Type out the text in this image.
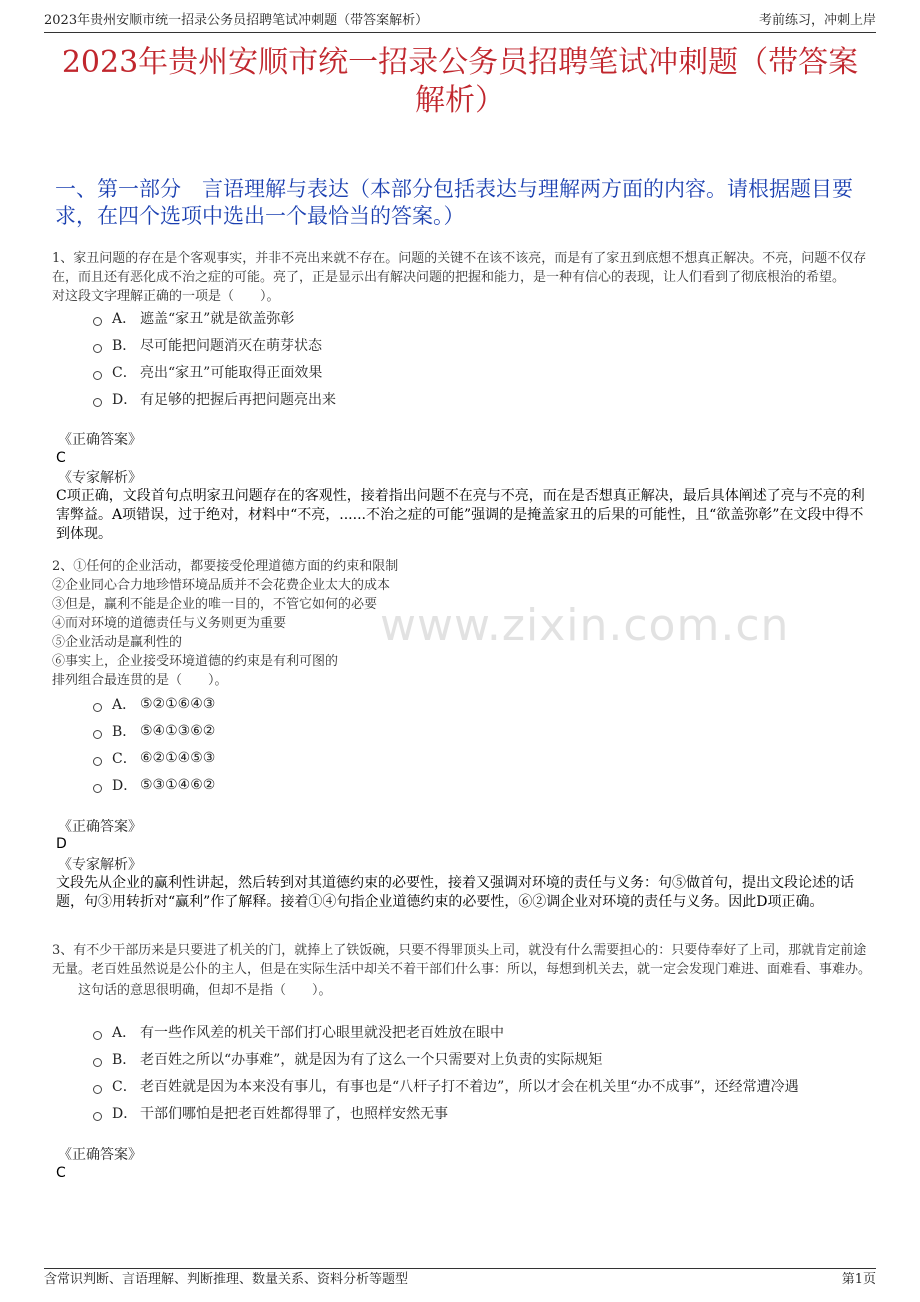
2023年贵州安顺市统一招录公务员招聘笔试冲刺题（带答案解析）	考前练习，冲刺上岸
2023年贵州安顺市统一招录公务员招聘笔试冲刺题（带答案解析）
一、第一部分　言语理解与表达（本部分包括表达与理解两方面的内容。请根据题目要求，在四个选项中选出一个最恰当的答案。）
www.zixin.com.cn

1、家丑问题的存在是个客观事实，并非不亮出来就不存在。问题的关键不在该不该亮，而是有了家丑到底想不想真正解决。不亮，问题不仅存在，而且还有恶化成不治之症的可能。亮了，正是显示出有解决问题的把握和能力，是一种有信心的表现，让人们看到了彻底根治的希望。

对这段文字理解正确的一项是（　　）。

A． 遮盖“家丑”就是欲盖弥彰
B． 尽可能把问题消灭在萌芽状态
C． 亮出“家丑”可能取得正面效果
D． 有足够的把握后再把问题亮出来
《正确答案》
C
《专家解析》
C项正确，文段首句点明家丑问题存在的客观性，接着指出问题不在亮与不亮，而在是否想真正解决，最后具体阐述了亮与不亮的利害弊益。A项错误，过于绝对，材料中“不亮，......不治之症的可能”强调的是掩盖家丑的后果的可能性，且“欲盖弥彰”在文段中得不到体现。

2、①任何的企业活动，都要接受伦理道德方面的约束和限制

②企业同心合力地珍惜环境品质并不会花费企业太大的成本

③但是，赢利不能是企业的唯一目的，不管它如何的必要

④而对环境的道德责任与义务则更为重要

⑤企业活动是赢利性的

⑥事实上，企业接受环境道德的约束是有利可图的

排列组合最连贯的是（　　）。

A． ⑤②①⑥④③
B． ⑤④①③⑥②
C． ⑥②①④⑤③
D． ⑤③①④⑥②
《正确答案》
D
《专家解析》
文段先从企业的赢利性讲起，然后转到对其道德约束的必要性，接着又强调对环境的责任与义务：句⑤做首句，提出文段论述的话题，句③用转折对“赢利”作了解释。接着①④句指企业道德约束的必要性，⑥②调企业对环境的责任与义务。因此D项正确。

3、有不少干部历来是只要进了机关的门，就捧上了铁饭碗，只要不得罪顶头上司，就没有什么需要担心的：只要侍奉好了上司，那就肯定前途无量。老百姓虽然说是公仆的主人，但是在实际生活中却关不着干部们什么事：所以，每想到机关去，就一定会发现门难进、面难看、事难办。

这句话的意思很明确，但却不是指（　　）。

A． 有一些作风差的机关干部们打心眼里就没把老百姓放在眼中
B． 老百姓之所以“办事难”，就是因为有了这么一个只需要对上负责的实际规矩
C． 老百姓就是因为本来没有事儿，有事也是“八杆子打不着边”，所以才会在机关里“办不成事”，还经常遭冷遇
D． 干部们哪怕是把老百姓都得罪了，也照样安然无事
《正确答案》
C
含常识判断、言语理解、判断推理、数量关系、资料分析等题型	第1页
